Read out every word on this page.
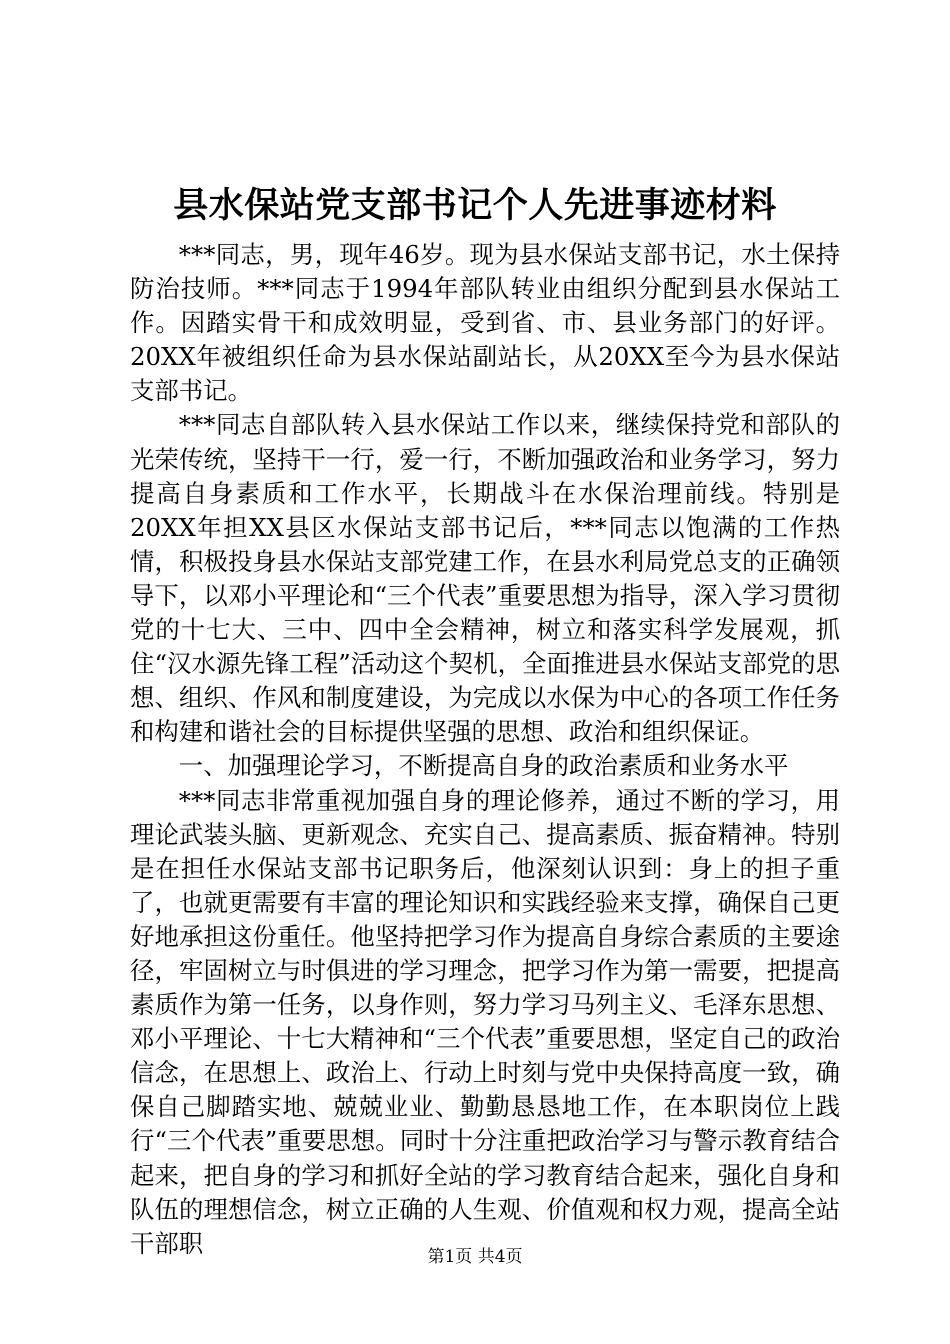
县水保站党支部书记个人先进事迹材料

***同志，男，现年46岁。现为县水保站支部书记，水土保持防治技师。***同志于1994年部队转业由组织分配到县水保站工作。因踏实骨干和成效明显，受到省、市、县业务部门的好评。20XX年被组织任命为县水保站副站长，从20XX至今为县水保站支部书记。

***同志自部队转入县水保站工作以来，继续保持党和部队的光荣传统，坚持干一行，爱一行，不断加强政治和业务学习，努力提高自身素质和工作水平，长期战斗在水保治理前线。特别是20XX年担XX县区水保站支部书记后，***同志以饱满的工作热情，积极投身县水保站支部党建工作，在县水利局党总支的正确领导下，以邓小平理论和“三个代表”重要思想为指导，深入学习贯彻党的十七大、三中、四中全会精神，树立和落实科学发展观，抓住“汉水源先锋工程”活动这个契机，全面推进县水保站支部党的思想、组织、作风和制度建设，为完成以水保为中心的各项工作任务和构建和谐社会的目标提供坚强的思想、政治和组织保证。

一、加强理论学习，不断提高自身的政治素质和业务水平

***同志非常重视加强自身的理论修养，通过不断的学习，用理论武装头脑、更新观念、充实自己、提高素质、振奋精神。特别是在担任水保站支部书记职务后，他深刻认识到：身上的担子重了，也就更需要有丰富的理论知识和实践经验来支撑，确保自己更好地承担这份重任。他坚持把学习作为提高自身综合素质的主要途径，牢固树立与时俱进的学习理念，把学习作为第一需要，把提高素质作为第一任务，以身作则，努力学习马列主义、毛泽东思想、邓小平理论、十七大精神和“三个代表”重要思想，坚定自己的政治信念，在思想上、政治上、行动上时刻与党中央保持高度一致，确保自己脚踏实地、兢兢业业、勤勤恳恳地工作，在本职岗位上践行“三个代表”重要思想。同时十分注重把政治学习与警示教育结合起来，把自身的学习和抓好全站的学习教育结合起来，强化自身和队伍的理想信念，树立正确的人生观、价值观和权力观，提高全站干部职	第1页 共4页
